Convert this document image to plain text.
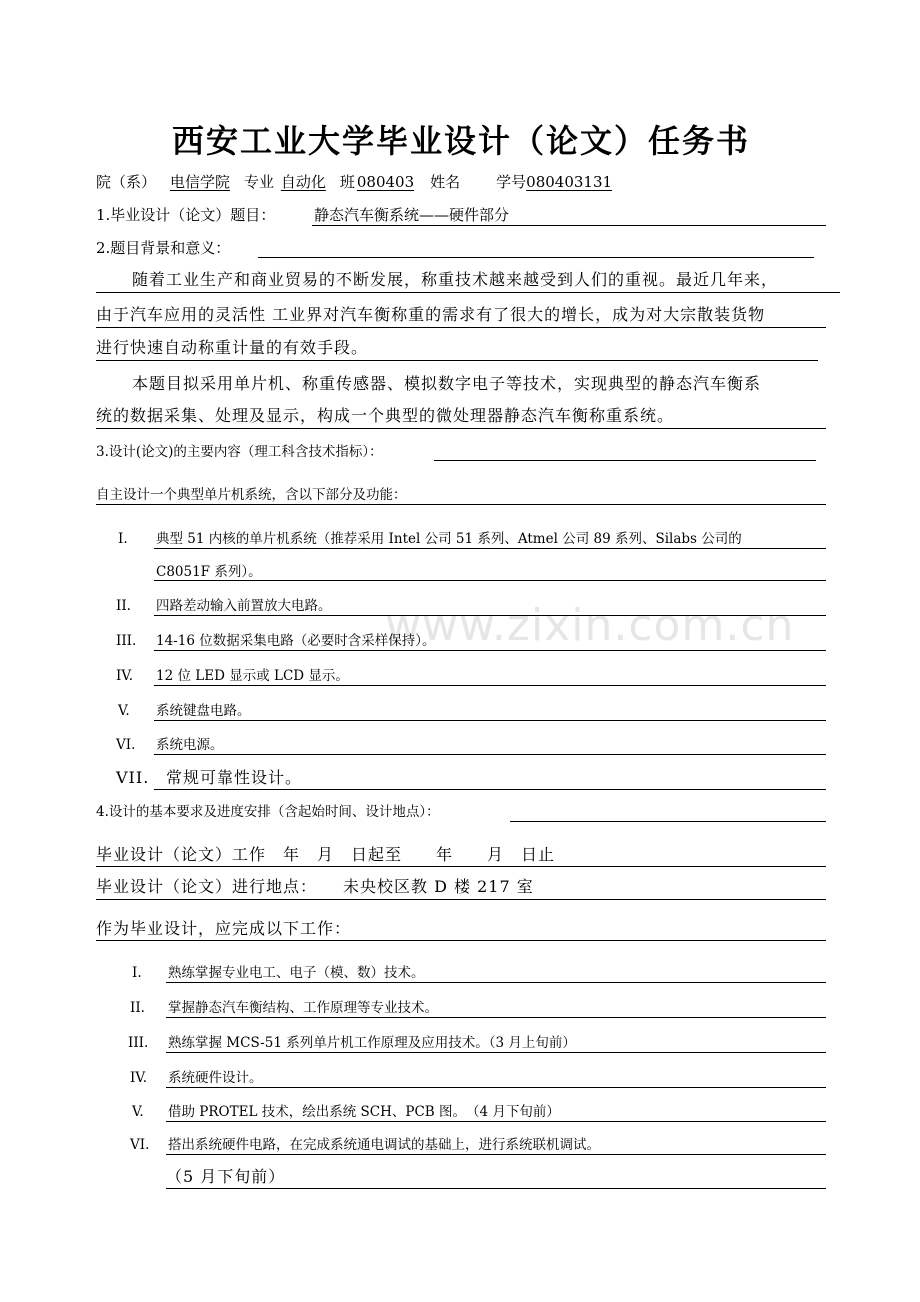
www.zixin.com.cn
西安工业大学毕业设计（论文）任务书
院（系） 电信学院 专业 自动化 班 080403 姓名 学号080403131
1.毕业设计（论文）题目：	静态汽车衡系统——硬件部分
2.题目背景和意义：
随着工业生产和商业贸易的不断发展，称重技术越来越受到人们的重视。最近几年来，
由于汽车应用的灵活性 工业界对汽车衡称重的需求有了很大的增长，成为对大宗散装货物
进行快速自动称重计量的有效手段。
本题目拟采用单片机、称重传感器、模拟数字电子等技术，实现典型的静态汽车衡系
统的数据采集、处理及显示，构成一个典型的微处理器静态汽车衡称重系统。
3.设计(论文)的主要内容（理工科含技术指标）：
自主设计一个典型单片机系统，含以下部分及功能：
I. 典型 51 内核的单片机系统（推荐采用 Intel 公司 51 系列、Atmel 公司 89 系列、Silabs 公司的
C8051F 系列）。
II. 四路差动输入前置放大电路。
III. 14-16 位数据采集电路（必要时含采样保持）。
IV. 12 位 LED 显示或 LCD 显示。
V. 系统键盘电路。
VI. 系统电源。
VII. 常规可靠性设计。
4.设计的基本要求及进度安排（含起始时间、设计地点）：
毕业设计（论文）工作　年　月　日起至　　年　　月　日止
毕业设计（论文）进行地点：　　未央校区教 D 楼 217 室
作为毕业设计，应完成以下工作：
I. 熟练掌握专业电工、电子（模、数）技术。
II. 掌握静态汽车衡结构、工作原理等专业技术。
III. 熟练掌握 MCS-51 系列单片机工作原理及应用技术。（3 月上旬前）
IV. 系统硬件设计。
V. 借助 PROTEL 技术，绘出系统 SCH、PCB 图。　（4 月下旬前）
VI. 搭出系统硬件电路，在完成系统通电调试的基础上，进行系统联机调试。
（5 月下旬前）
